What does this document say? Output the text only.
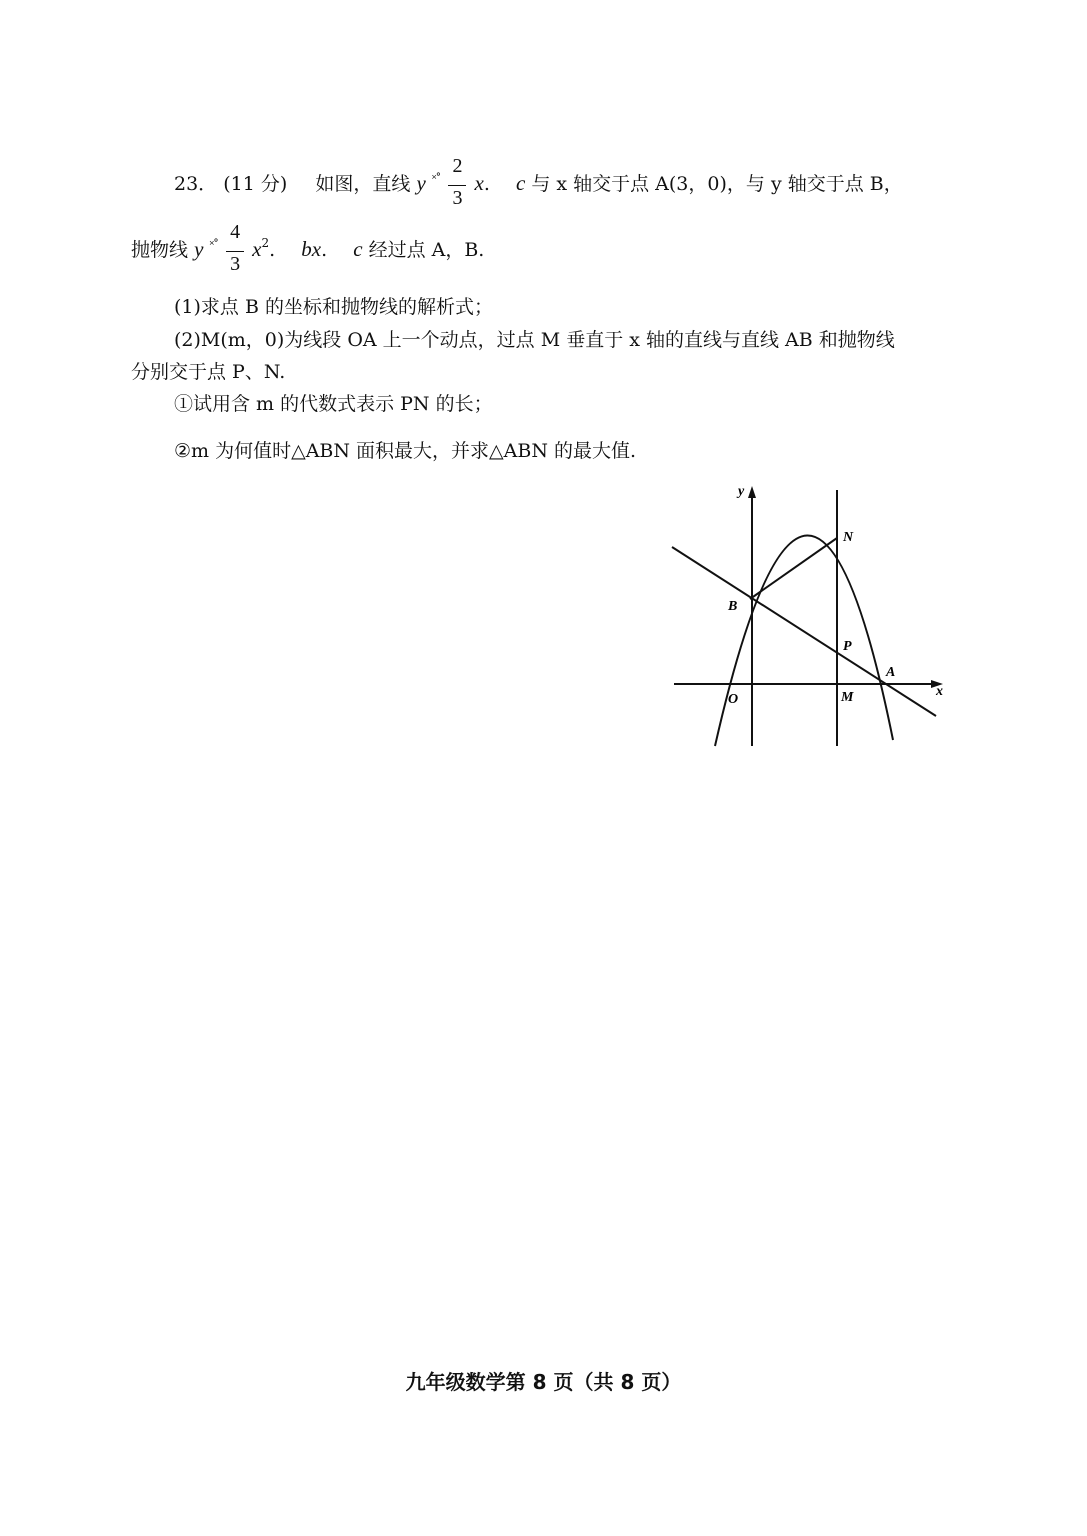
23． (11 分) 如图，直线 y $^{˟˚} \frac{2}{3} x$. c 与 x 轴交于点 A(3，0)，与 y 轴交于点 B，
抛物线 y $^{˟˚} \frac{4}{3} x^2$. bx. c 经过点 A，B.
(1)求点 B 的坐标和抛物线的解析式；
(2)M(m，0)为线段 OA 上一个动点，过点 M 垂直于 x 轴的直线与直线 AB 和抛物线
分别交于点 P、N.
①试用含 m 的代数式表示 PN 的长；
②m 为何值时△ABN 面积最大，并求△ABN 的最大值.
y
x
O
B
N
P
A
M
九年级数学第 8 页（共 8 页）
